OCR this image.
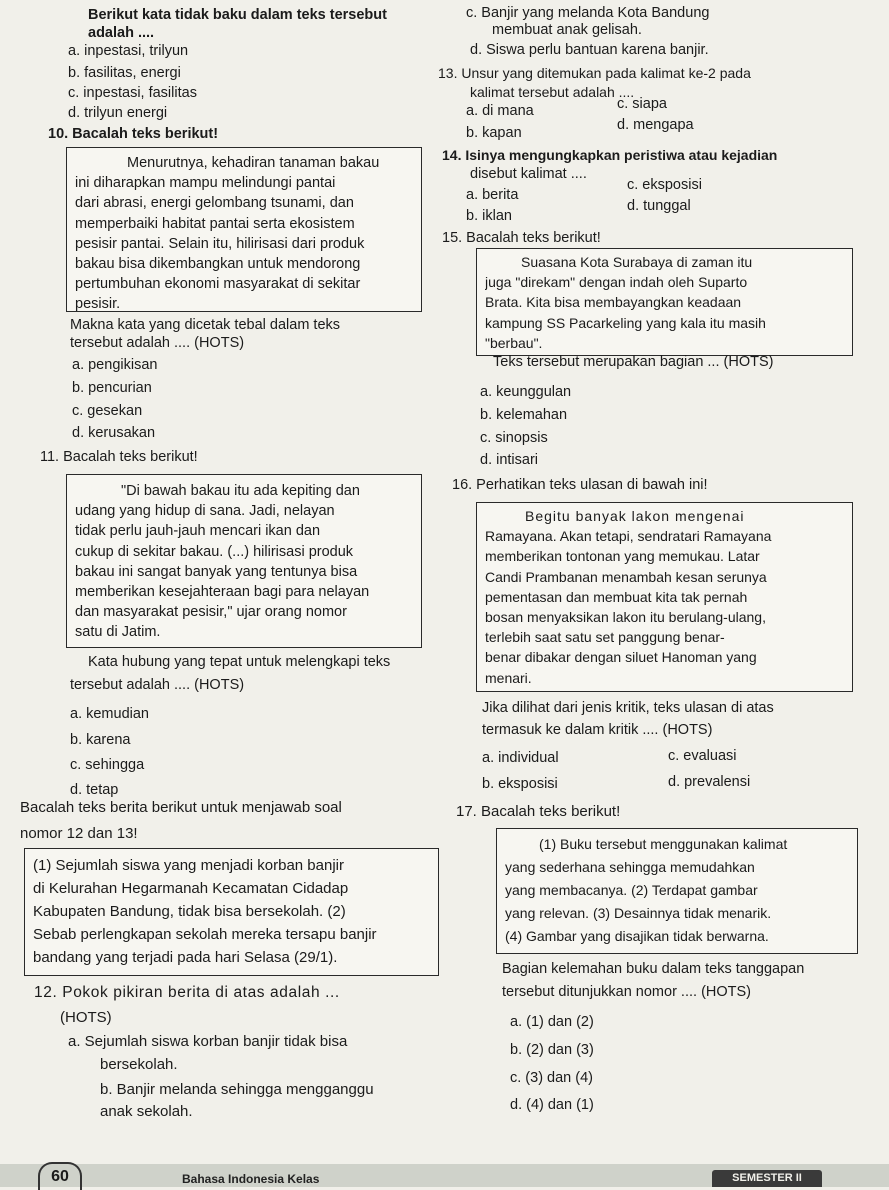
Berikut kata tidak baku dalam teks tersebut
adalah ....
a. inpestasi, trilyun
b. fasilitas, energi
c. inpestasi, fasilitas
d. trilyun energi
10. Bacalah teks berikut!
Menurutnya, kehadiran tanaman bakau
ini diharapkan mampu melindungi pantai
dari abrasi, energi gelombang tsunami, dan
memperbaiki habitat pantai serta ekosistem
pesisir pantai. Selain itu, hilirisasi dari produk
bakau bisa dikembangkan untuk mendorong
pertumbuhan ekonomi masyarakat di sekitar
pesisir.
Makna kata yang dicetak tebal dalam teks
tersebut adalah .... (HOTS)
a. pengikisan
b. pencurian
c. gesekan
d. kerusakan
11. Bacalah teks berikut!
"Di bawah bakau itu ada kepiting dan
udang yang hidup di sana. Jadi, nelayan
tidak perlu jauh-jauh mencari ikan dan
cukup di sekitar bakau. (...) hilirisasi produk
bakau ini sangat banyak yang tentunya bisa
memberikan kesejahteraan bagi para nelayan
dan masyarakat pesisir," ujar orang nomor
satu di Jatim.
Kata hubung yang tepat untuk melengkapi teks
tersebut adalah .... (HOTS)
a. kemudian
b. karena
c. sehingga
d. tetap
Bacalah teks berita berikut untuk menjawab soal
nomor 12 dan 13!
(1) Sejumlah siswa yang menjadi korban banjir
di Kelurahan Hegarmanah Kecamatan Cidadap
Kabupaten Bandung, tidak bisa bersekolah. (2)
Sebab perlengkapan sekolah mereka tersapu banjir
bandang yang terjadi pada hari Selasa (29/1).
12. Pokok pikiran berita di atas adalah ...
(HOTS)
a. Sejumlah siswa korban banjir tidak bisa
bersekolah.
b. Banjir melanda sehingga mengganggu
anak sekolah.
c. Banjir yang melanda Kota Bandung
membuat anak gelisah.
d. Siswa perlu bantuan karena banjir.
13. Unsur yang ditemukan pada kalimat ke-2 pada
kalimat tersebut adalah ....
a. di mana	c. siapa
b. kapan	d. mengapa
14. Isinya mengungkapkan peristiwa atau kejadian
disebut kalimat ....
a. berita
c. eksposisi
b. iklan
d. tunggal
15. Bacalah teks berikut!
Suasana Kota Surabaya di zaman itu
juga "direkam" dengan indah oleh Suparto
Brata. Kita bisa membayangkan keadaan
kampung SS Pacarkeling yang kala itu masih
"berbau".
Teks tersebut merupakan bagian ... (HOTS)
a. keunggulan
b. kelemahan
c. sinopsis
d. intisari
16. Perhatikan teks ulasan di bawah ini!
Begitu banyak lakon mengenai
Ramayana. Akan tetapi, sendratari Ramayana
memberikan tontonan yang memukau. Latar
Candi Prambanan menambah kesan serunya
pementasan dan membuat kita tak pernah
bosan menyaksikan lakon itu berulang-ulang,
terlebih saat satu set panggung benar-
benar dibakar dengan siluet Hanoman yang
menari.
Jika dilihat dari jenis kritik, teks ulasan di atas
termasuk ke dalam kritik .... (HOTS)
a. individual	c. evaluasi
b. eksposisi	d. prevalensi
17. Bacalah teks berikut!
(1) Buku tersebut menggunakan kalimat
yang sederhana sehingga memudahkan
yang membacanya. (2) Terdapat gambar
yang relevan. (3) Desainnya tidak menarik.
(4) Gambar yang disajikan tidak berwarna.
Bagian kelemahan buku dalam teks tanggapan
tersebut ditunjukkan nomor .... (HOTS)
a. (1) dan (2)
b. (2) dan (3)
c. (3) dan (4)
d. (4) dan (1)
60	Bahasa Indonesia Kelas	SEMESTER II
